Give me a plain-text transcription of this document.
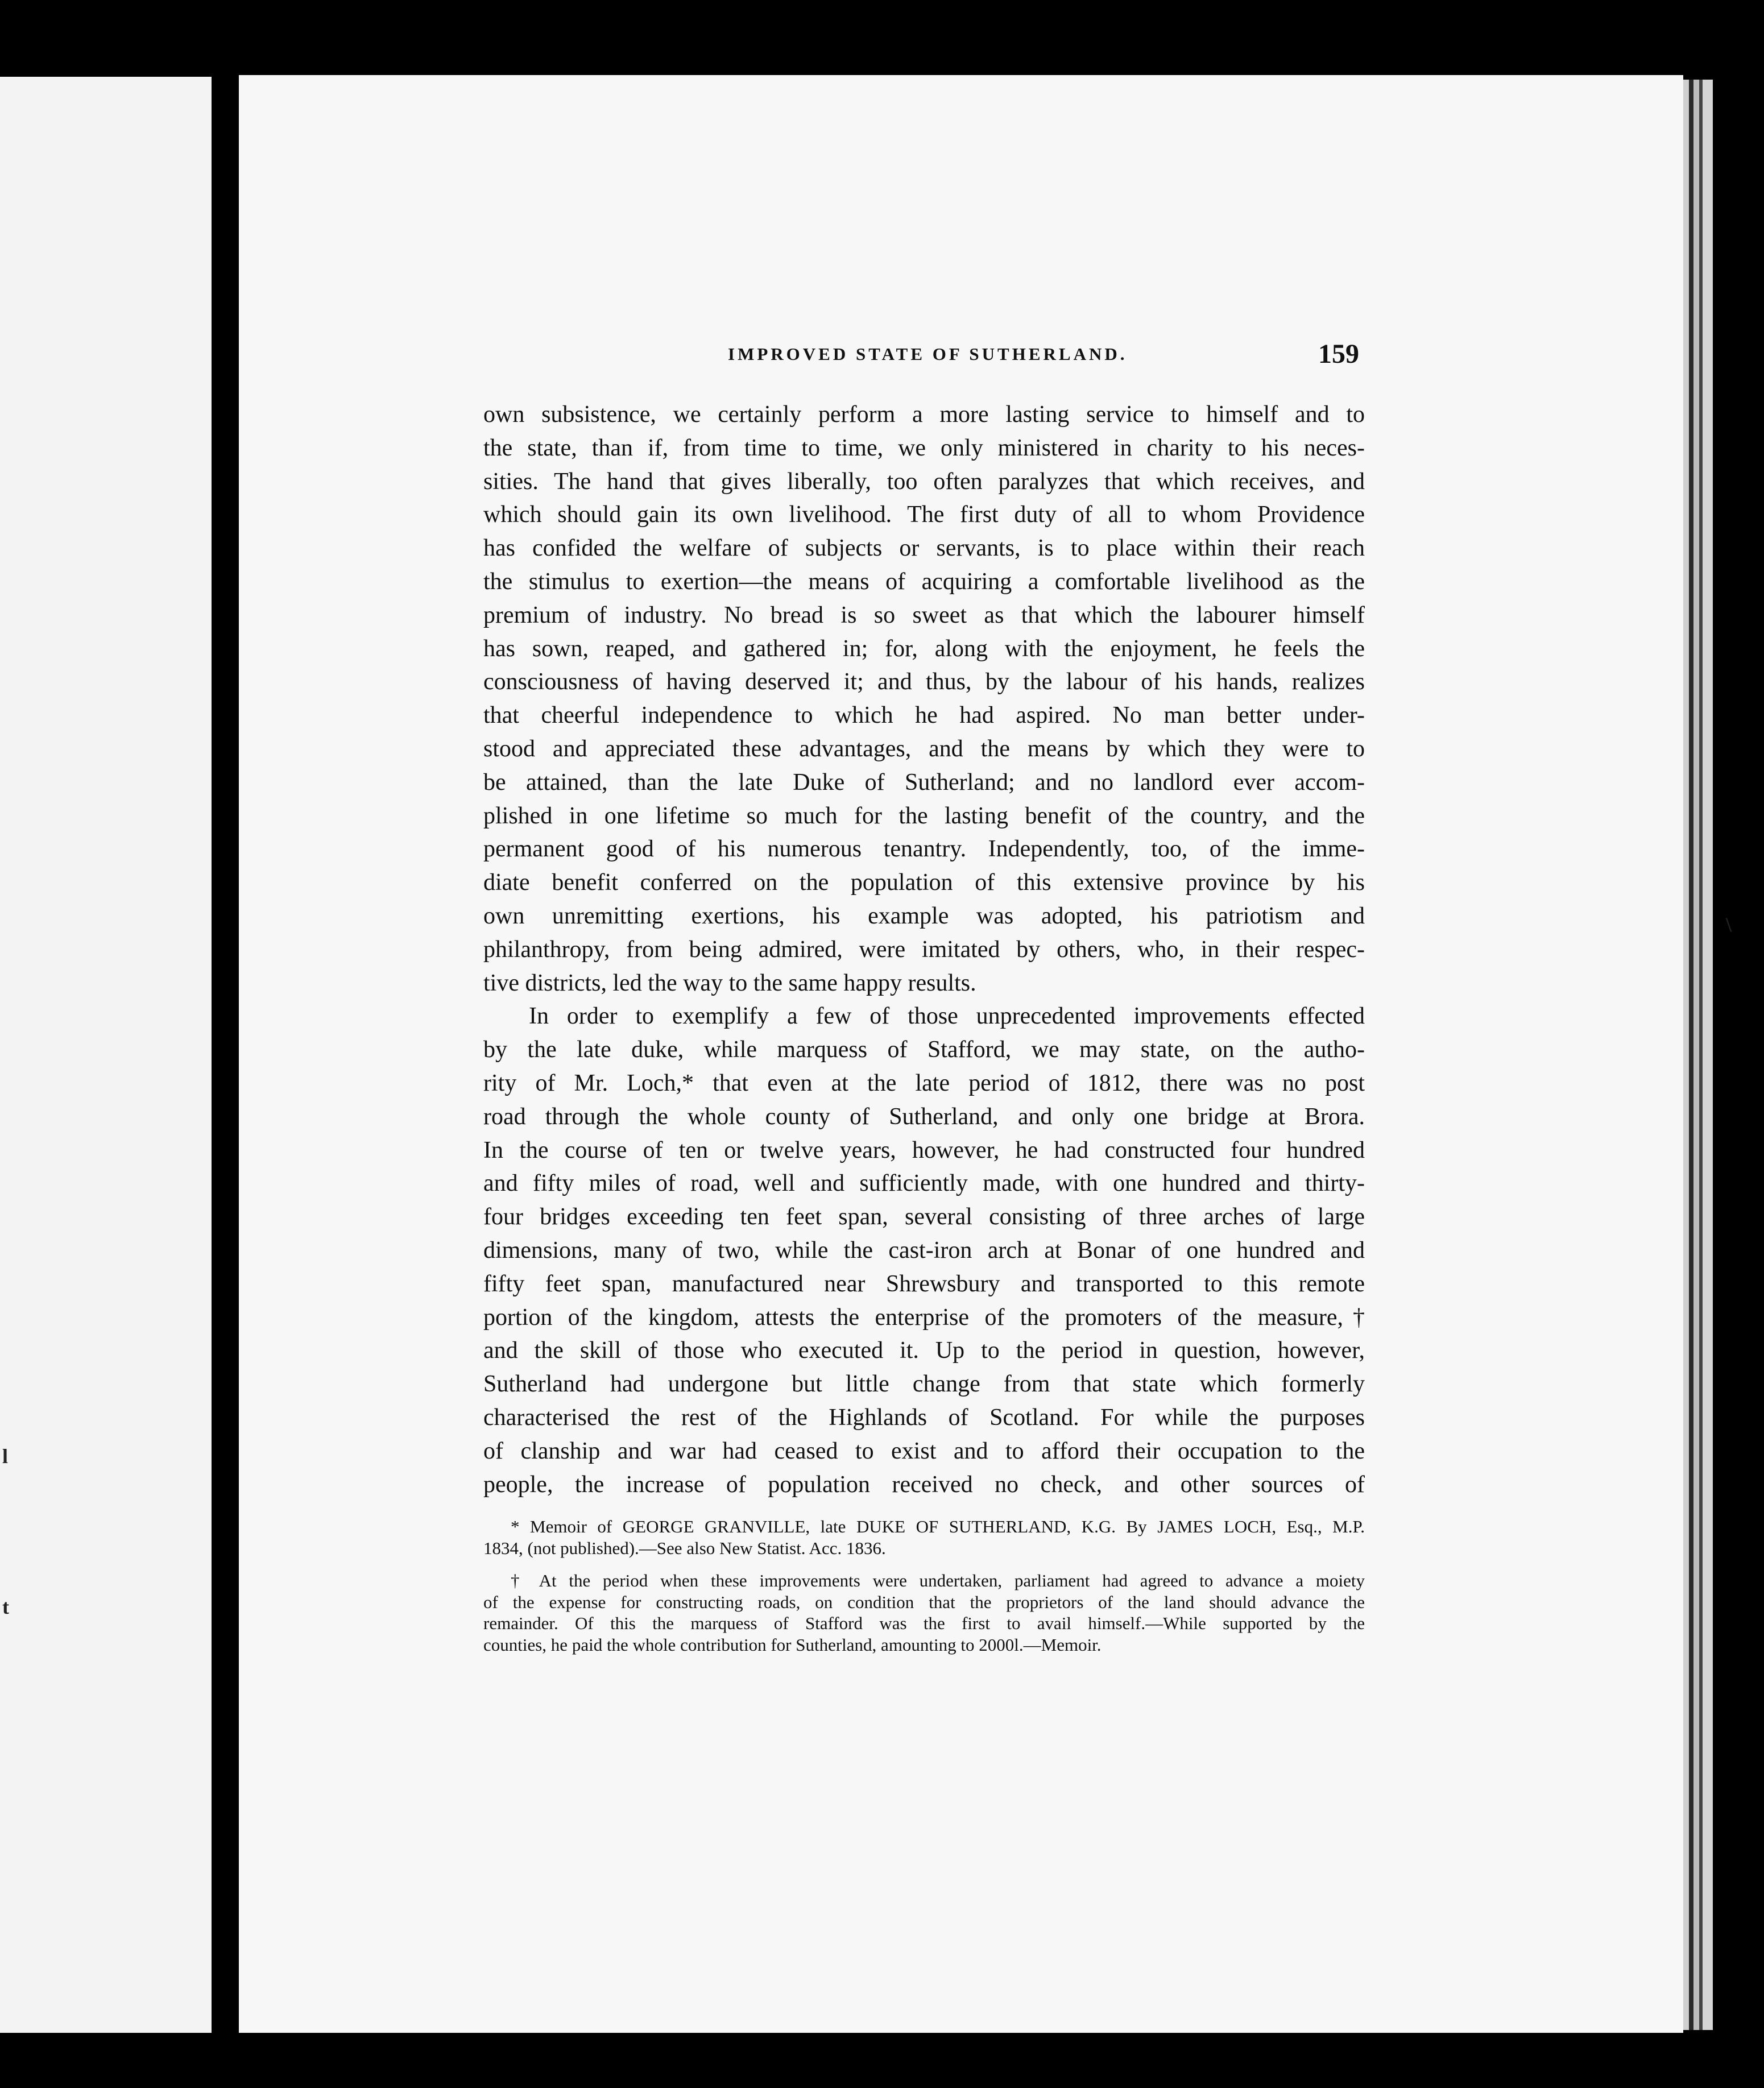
\
l
t
IMPROVED STATE OF SUTHERLAND.	159
own subsistence, we certainly perform a more lasting service to himself and to
the state, than if, from time to time, we only ministered in charity to his neces-
sities. The hand that gives liberally, too often paralyzes that which receives, and
which should gain its own livelihood. The first duty of all to whom Providence
has confided the welfare of subjects or servants, is to place within their reach
the stimulus to exertion—the means of acquiring a comfortable livelihood as the
premium of industry. No bread is so sweet as that which the labourer himself
has sown, reaped, and gathered in; for, along with the enjoyment, he feels the
consciousness of having deserved it; and thus, by the labour of his hands, realizes
that cheerful independence to which he had aspired. No man better under-
stood and appreciated these advantages, and the means by which they were to
be attained, than the late Duke of Sutherland; and no landlord ever accom-
plished in one lifetime so much for the lasting benefit of the country, and the
permanent good of his numerous tenantry. Independently, too, of the imme-
diate benefit conferred on the population of this extensive province by his
own unremitting exertions, his example was adopted, his patriotism and
philanthropy, from being admired, were imitated by others, who, in their respec-
tive districts, led the way to the same happy results.
In order to exemplify a few of those unprecedented improvements effected
by the late duke, while marquess of Stafford, we may state, on the autho-
rity of Mr. Loch,* that even at the late period of 1812, there was no post
road through the whole county of Sutherland, and only one bridge at Brora.
In the course of ten or twelve years, however, he had constructed four hundred
and fifty miles of road, well and sufficiently made, with one hundred and thirty-
four bridges exceeding ten feet span, several consisting of three arches of large
dimensions, many of two, while the cast-iron arch at Bonar of one hundred and
fifty feet span, manufactured near Shrewsbury and transported to this remote
portion of the kingdom, attests the enterprise of the promoters of the measure,†
and the skill of those who executed it. Up to the period in question, however,
Sutherland had undergone but little change from that state which formerly
characterised the rest of the Highlands of Scotland. For while the purposes
of clanship and war had ceased to exist and to afford their occupation to the
people, the increase of population received no check, and other sources of
* Memoir of GEORGE GRANVILLE, late DUKE OF SUTHERLAND, K.G. By JAMES LOCH, Esq., M.P.
1834, (not published).—See also New Statist. Acc. 1836.
† At the period when these improvements were undertaken, parliament had agreed to advance a moiety
of the expense for constructing roads, on condition that the proprietors of the land should advance the
remainder. Of this the marquess of Stafford was the first to avail himself.—While supported by the
counties, he paid the whole contribution for Sutherland, amounting to 2000l.—Memoir.
